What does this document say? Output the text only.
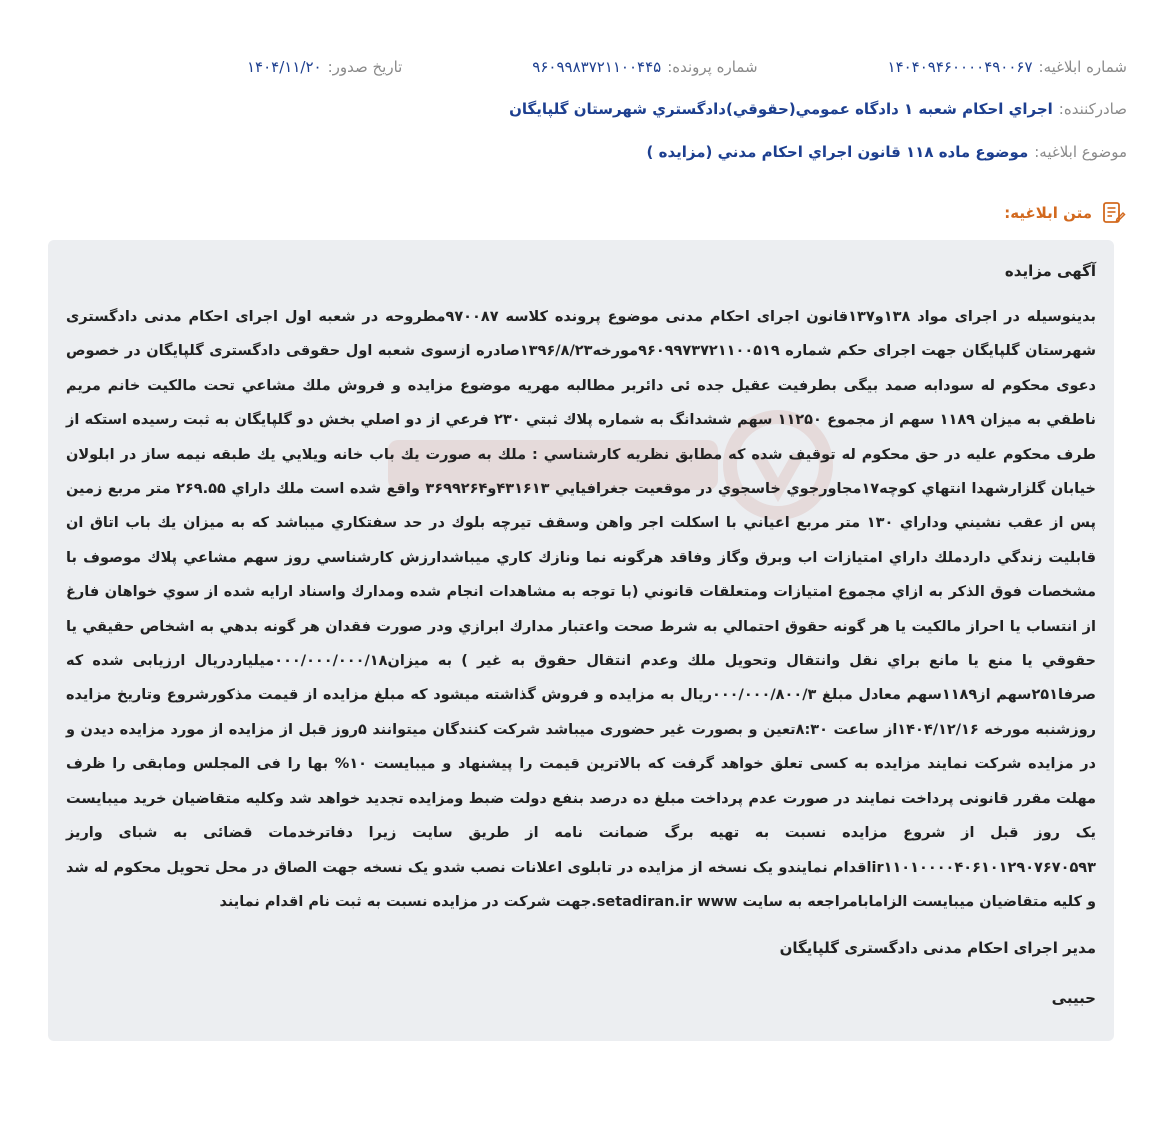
شماره ابلاغیه:
۱۴۰۴۰۹۴۶۰۰۰۰۴۹۰۰۶۷
شماره پرونده:
۹۶۰۹۹۸۳۷۲۱۱۰۰۴۴۵
تاریخ صدور:
۱۴۰۴/۱۱/۲۰
صادرکننده:
اجراي احكام شعبه ۱ دادگاه عمومي(حقوقي)دادگستري شهرستان گلپايگان
موضوع ابلاغیه:
موضوع ماده ۱۱۸ قانون اجراي احكام مدني (مزايده )
متن ابلاغیه:
آگهی مزایده

بدینوسیله در اجرای مواد ۱۳۸و۱۳۷قانون اجرای احکام مدنی موضوع پرونده کلاسه ۹۷۰۰۸۷مطروحه در شعبه اول اجرای احکام مدنی دادگستری شهرستان گلپایگان جهت اجرای حکم شماره ۹۶۰۹۹۷۳۷۲۱۱۰۰۵۱۹مورخه۱۳۹۶/۸/۲۳صادره ازسوی شعبه اول حقوقی دادگستری گلپایگان در خصوص دعوی محکوم له سودابه صمد بیگی بطرفیت عقیل جده ئی دائربر مطالبه مهریه موضوع مزایده و فروش ملك مشاعي تحت مالكيت خانم مريم ناطقي به ميزان ۱۱۸۹ سهم از مجموع ۱۱۲۵۰ سهم ششدانگ به شماره پلاك ثبتي ۲۳۰ فرعي از دو اصلي بخش دو گلپايگان به ثبت رسيده استكه از طرف محكوم عليه در حق محكوم له توقيف شده كه مطابق نظريه كارشناسي : ملك به صورت يك باب خانه ويلايي يك طبقه نيمه ساز در ابلولان خيابان گلزارشهدا انتهاي كوچه۱۷مجاورجوي خاسجوي در موقعيت جغرافيايي ۴۳۱۶۱۳و۳۶۹۹۲۶۴ واقع شده است ملك داراي ۲۶۹.۵۵ متر مربع زمين پس از عقب نشيني وداراي ۱۳۰ متر مربع اعياني با اسكلت اجر واهن وسقف تيرچه بلوك در حد سفتكاري ميباشد كه به ميزان يك باب اتاق ان قابليت زندگي داردملك داراي امتيازات اب وبرق وگاز وفاقد هرگونه نما ونازك كاري ميباشدارزش كارشناسي روز سهم مشاعي پلاك موصوف با مشخصات فوق الذكر به ازاي مجموع امتيازات ومتعلقات قانوني (با توجه به مشاهدات انجام شده ومدارك واسناد ارايه شده از سوي خواهان فارغ از انتساب يا احراز مالكيت يا هر گونه حقوق احتمالي به شرط صحت واعتبار مدارك ابرازي ودر صورت فقدان هر گونه بدهي به اشخاص حقيقي يا حقوقي يا منع يا مانع براي نقل وانتقال وتحويل ملك وعدم انتقال حقوق به غير ) به ميزان۰۰۰/۰۰۰/۰۰۰/۱۸ميلياردريال ارزيابی شده که صرفا۲۵۱سهم از۱۱۸۹سهم معادل مبلغ ۰۰۰/۰۰۰/۸۰۰/۳ریال به مزایده و فروش گذاشته میشود که مبلغ مزایده از قیمت مذکورشروع وتاریخ مزایده روزشنبه مورخه ۱۴۰۴/۱۲/۱۶از ساعت ۸:۳۰تعین و بصورت غیر حضوری میباشد شرکت کنندگان میتوانند ۵روز قبل از مزایده از مورد مزایده دیدن و در مزایده شرکت نمایند مزایده به کسی تعلق خواهد گرفت که بالاترین قیمت را پیشنهاد و میبایست ۱۰% بها را فی المجلس ومابقی را ظرف مهلت مقرر قانونی پرداخت نمایند در صورت عدم پرداخت مبلغ ده درصد بنفع دولت ضبط ومزایده تجدید خواهد شد وکلیه متقاضیان خرید میبایست یک روز قبل از شروع مزایده نسبت به تهیه برگ ضمانت نامه از طریق سایت زیرا دفاترخدمات قضائی به شبای واریز ir۱۱۰۱۰۰۰۰۴۰۶۱۰۱۲۹۰۷۶۷۰۵۹۳اقدام نمایندو یک نسخه از مزایده در تابلوی اعلانات نصب شدو یک نسخه جهت الصاق در محل تحویل محکوم له شد و کلیه متقاضیان میبایست الزامابامراجعه به سایت setadiran.ir www.جهت شرکت در مزایده نسبت به ثبت نام اقدام نمایند

مدیر اجرای احکام مدنی دادگستری گلپایگان
حبیبی
